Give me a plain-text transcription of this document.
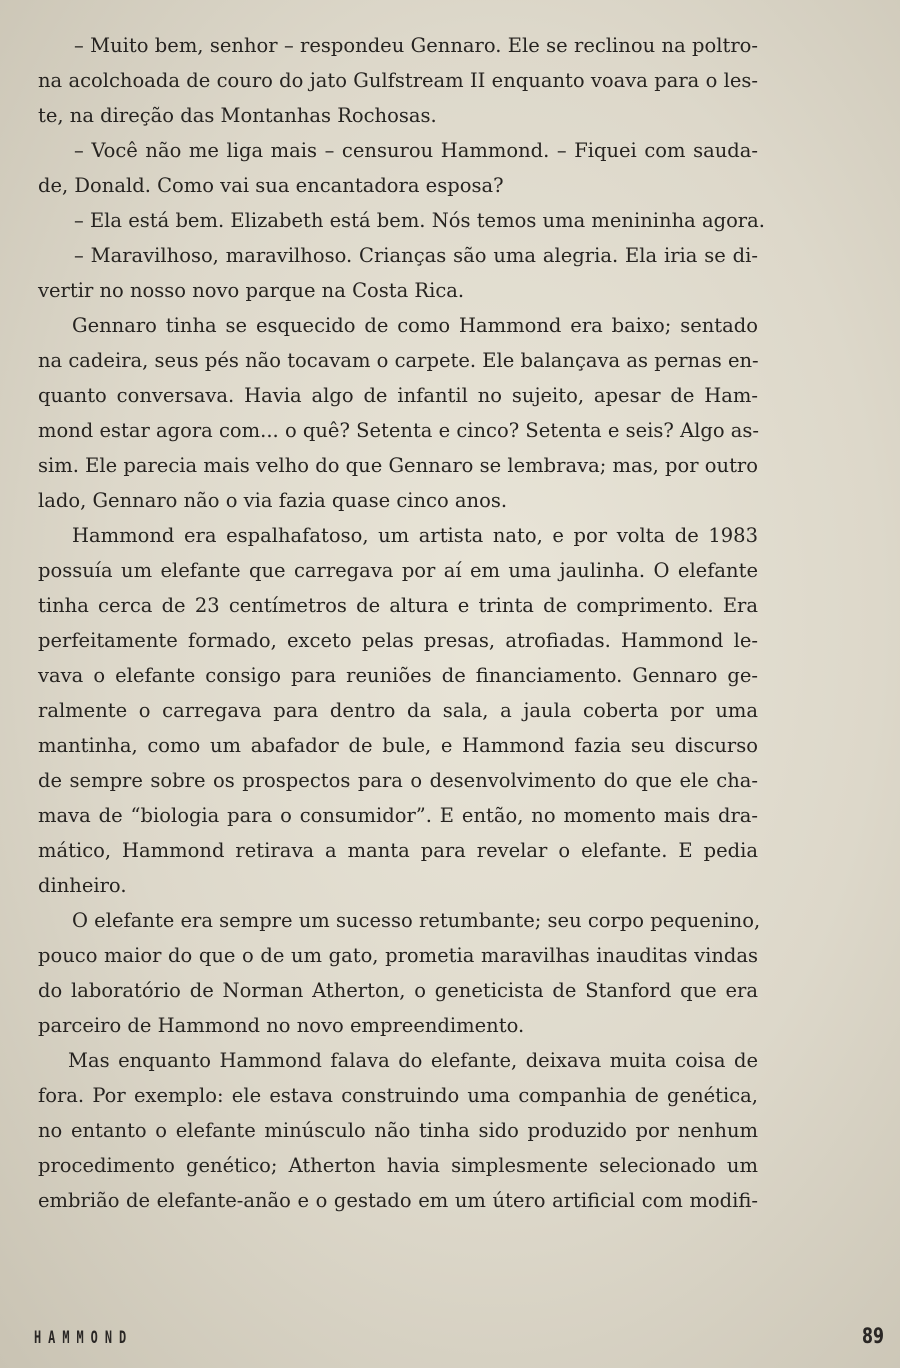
– Muito bem, senhor – respondeu Gennaro. Ele se reclinou na poltro-
na acolchoada de couro do jato Gulfstream II enquanto voava para o les-
te, na direção das Montanhas Rochosas.
– Você não me liga mais – censurou Hammond. – Fiquei com sauda-
de, Donald. Como vai sua encantadora esposa?
– Ela está bem. Elizabeth está bem. Nós temos uma menininha agora.
– Maravilhoso, maravilhoso. Crianças são uma alegria. Ela iria se di-
vertir no nosso novo parque na Costa Rica.
Gennaro tinha se esquecido de como Hammond era baixo; sentado
na cadeira, seus pés não tocavam o carpete. Ele balançava as pernas en-
quanto conversava. Havia algo de infantil no sujeito, apesar de Ham-
mond estar agora com... o quê? Setenta e cinco? Setenta e seis? Algo as-
sim. Ele parecia mais velho do que Gennaro se lembrava; mas, por outro
lado, Gennaro não o via fazia quase cinco anos.
Hammond era espalhafatoso, um artista nato, e por volta de 1983
possuía um elefante que carregava por aí em uma jaulinha. O elefante
tinha cerca de 23 centímetros de altura e trinta de comprimento. Era
perfeitamente formado, exceto pelas presas, atrofiadas. Hammond le-
vava o elefante consigo para reuniões de financiamento. Gennaro ge-
ralmente o carregava para dentro da sala, a jaula coberta por uma
mantinha, como um abafador de bule, e Hammond fazia seu discurso
de sempre sobre os prospectos para o desenvolvimento do que ele cha-
mava de “biologia para o consumidor”. E então, no momento mais dra-
mático, Hammond retirava a manta para revelar o elefante. E pedia
dinheiro.
O elefante era sempre um sucesso retumbante; seu corpo pequenino,
pouco maior do que o de um gato, prometia maravilhas inauditas vindas
do laboratório de Norman Atherton, o geneticista de Stanford que era
parceiro de Hammond no novo empreendimento.
Mas enquanto Hammond falava do elefante, deixava muita coisa de
fora. Por exemplo: ele estava construindo uma companhia de genética,
no entanto o elefante minúsculo não tinha sido produzido por nenhum
procedimento genético; Atherton havia simplesmente selecionado um
embrião de elefante-anão e o gestado em um útero artificial com modifi-
HAMMOND	89
